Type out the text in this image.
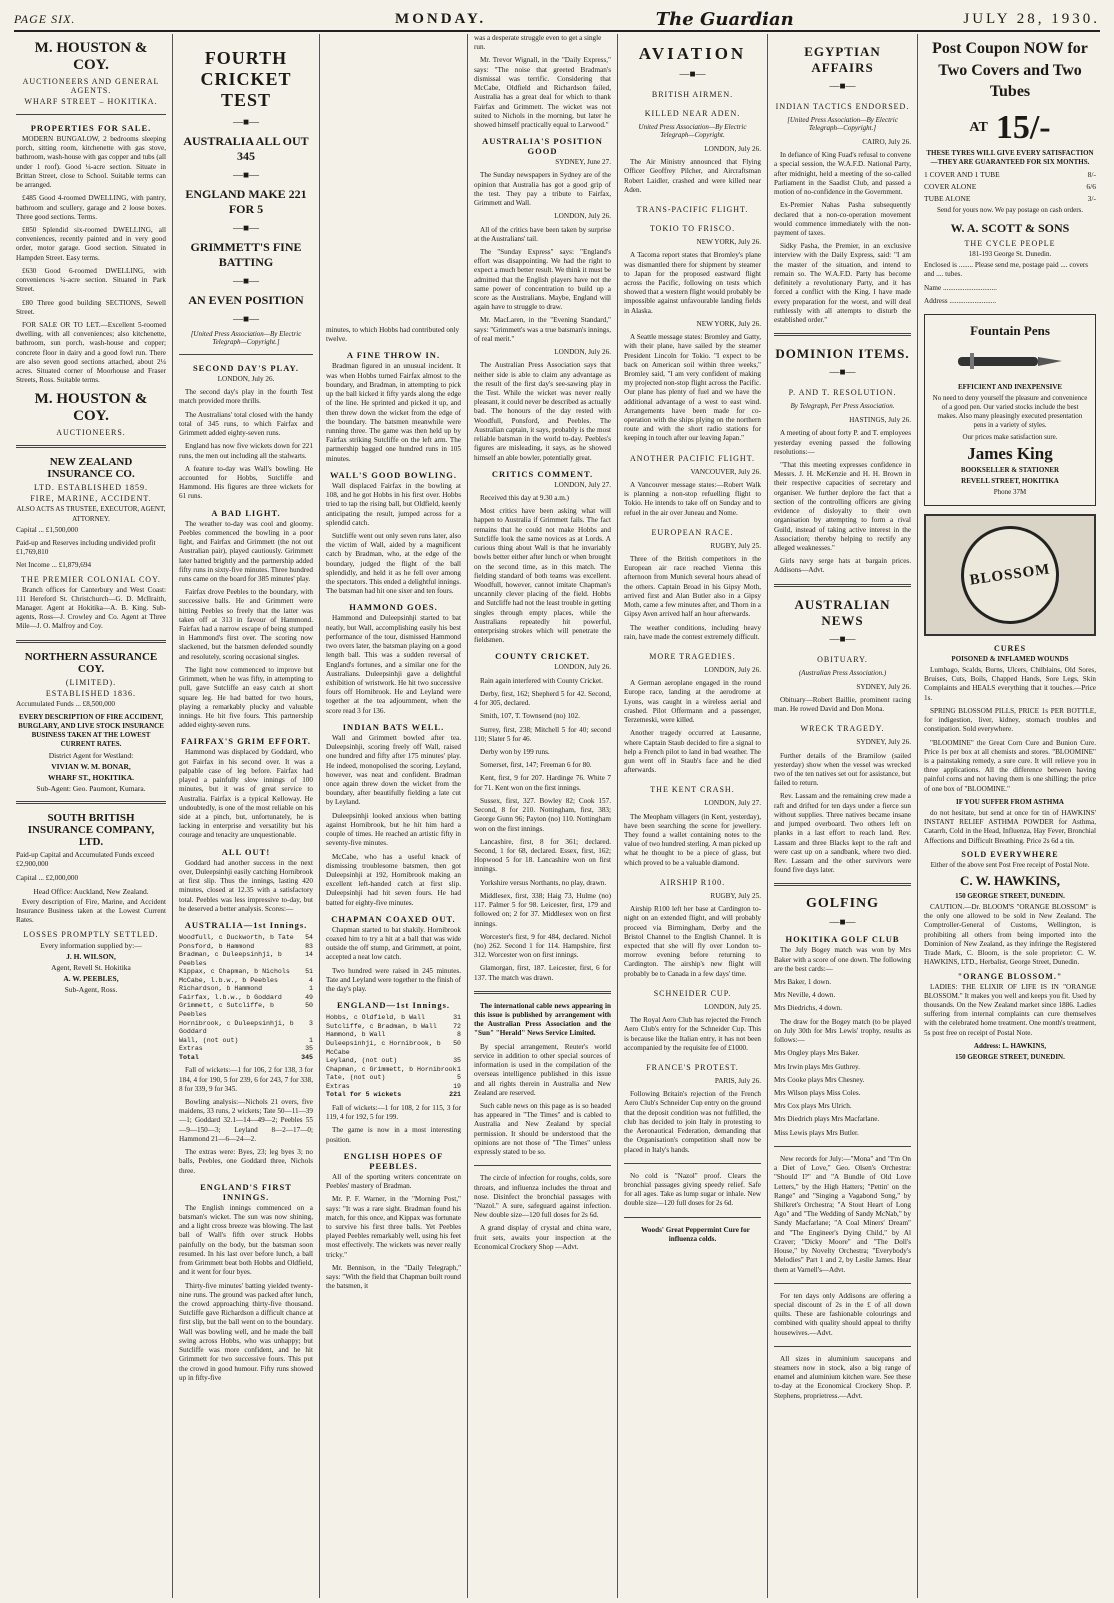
PAGE SIX.	MONDAY.	The Guardian	JULY 28, 1930.
M. HOUSTON & COY.
AUCTIONEERS AND GENERAL AGENTS.
WHARF STREET – HOKITIKA.
PROPERTIES FOR SALE.

MODERN BUNGALOW, 2 bedrooms sleeping porch, sitting room, kitchenette with gas stove, bathroom, wash-house with gas copper and tubs (all under 1 roof). Good ¼-acre section. Situate in Brittan Street, close to School. Suitable terms can be arranged.

£485 Good 4-roomed DWELLING, with pantry, bathroom and scullery, garage and 2 loose boxes. Three good sections. Terms.

£850 Splendid six-roomed DWELLING, all conveniences, recently painted and in very good order, motor garage. Good section. Situated in Hampden Street. Easy terms.

£630 Good 6-roomed DWELLING, with conveniences ¼-acre section. Situated in Park Street.

£80 Three good building SECTIONS, Sewell Street.

FOR SALE OR TO LET.—Excellent 5-roomed dwelling, with all conveniences; also kitchenette, bathroom, sun porch, wash-house and copper; concrete floor in dairy and a good fowl run. There are also seven good sections attached, about 2¼ acres. Situated corner of Moorhouse and Fraser Streets, Ross. Suitable terms.

M. HOUSTON & COY.
AUCTIONEERS.
NEW ZEALAND INSURANCE CO.
LTD. ESTABLISHED 1859.
FIRE, MARINE, ACCIDENT.
ALSO ACTS AS TRUSTEE, EXECUTOR, AGENT, ATTORNEY.

Capital ... £1,500,000

Paid-up and Reserves including undivided profit £1,769,810

Net Income ... £1,879,694

THE PREMIER COLONIAL COY.

Branch offices for Canterbury and West Coast: 111 Hereford St. Christchurch—G. D. McIlraith, Manager. Agent at Hokitika—A. B. King. Sub-agents, Ross—J. Crowley and Co. Agent at Three Mile—J. O. Malfroy and Coy.

NORTHERN ASSURANCE COY.
(LIMITED).
ESTABLISHED 1836.

Accumulated Funds ... £8,500,000

EVERY DESCRIPTION OF FIRE ACCIDENT, BURGLARY, AND LIVE STOCK INSURANCE BUSINESS TAKEN AT THE LOWEST CURRENT RATES.
District Agent for Westland:
VIVIAN W. M. BONAR,
WHARF ST., HOKITIKA.
Sub-Agent: Geo. Paumont, Kumara.
SOUTH BRITISH INSURANCE COMPANY, LTD.

Paid-up Capital and Accumulated Funds exceed £2,900,000

Capital ... £2,000,000

Head Office: Auckland, New Zealand.

Every description of Fire, Marine, and Accident Insurance Business taken at the Lowest Current Rates.

LOSSES PROMPTLY SETTLED.
Every information supplied by:—
J. H. WILSON,
Agent, Revell St. Hokitika
A. W. PEEBLES,
Sub-Agent, Ross.
FOURTH CRICKET TEST
—■—
AUSTRALIA ALL OUT 345
—■—
ENGLAND MAKE 221 FOR 5
—■—
GRIMMETT'S FINE BATTING
—■—
AN EVEN POSITION
—■—
[United Press Association—By Electric Telegraph—Copyright.]
SECOND DAY'S PLAY.

LONDON, July 26.

The second day's play in the fourth Test match provided more thrills.

The Australians' total closed with the handy total of 345 runs, to which Fairfax and Grimmett added eighty-seven runs.

England has now five wickets down for 221 runs, the men out including all the stalwarts.

A feature to-day was Wall's bowling. He accounted for Hobbs, Sutcliffe and Hammond. His figures are three wickets for 61 runs.

A BAD LIGHT.

The weather to-day was cool and gloomy. Peebles commenced the bowling in a poor light, and Fairfax and Grimmett (the not out Australian pair), played cautiously. Grimmett later batted brightly and the partnership added fifty runs in sixty-five minutes. Three hundred runs came on the board for 385 minutes' play.

Fairfax drove Peebles to the boundary, with successive balls. He and Grimmett were hitting Peebles so freely that the latter was taken off at 313 in favour of Hammond. Fairfax had a narrow escape of being stumped in Hammond's first over. The scoring now slackened, but the batsmen defended soundly and resolutely, scoring occasional singles.

The light now commenced to improve but Grimmett, when he was fifty, in attempting to pull, gave Sutcliffe an easy catch at short square leg. He had batted for two hours, playing a remarkably plucky and valuable innings. He hit five fours. This partnership added eighty-seven runs.

FAIRFAX'S GRIM EFFORT.

Hammond was displaced by Goddard, who got Fairfax in his second over. It was a palpable case of leg before. Fairfax had played a painfully slow innings of 100 minutes, but it was of great service to Australia. Fairfax is a typical Kelloway. He undoubtedly, is one of the most reliable on his side at a pinch, but, unfortunately, he is lacking in enterprise and versatility but his courage and tenacity are unquestionable.

ALL OUT!

Goddard had another success in the next over, Duleepsinhji easily catching Hornibrook at first slip. Thus the innings, lasting 420 minutes, closed at 12.35 with a satisfactory total. Peebles was less impressive to-day, but he deserved a better analysis. Scores:—

AUSTRALIA—1st Innings.
Woodfull, c Duckworth, b Tate 54
Ponsford, b Hammond	83
Bradman, c Duleepsinhji, b Peebles
14
Kippax, c Chapman, b Nichols 51
McCabe, l.b.w., b Peebles	4
Richardson, b Hammond	1
Fairfax, l.b.w., b Goddard	49
Grimmett, c Sutcliffe, b Peebles
50
Hornibrook, c Duleepsinhji, b Goddard
3
Wall, (not out)	1
Extras	35
Total	345

Fall of wickets:—1 for 106, 2 for 138, 3 for 184, 4 for 190, 5 for 239, 6 for 243, 7 for 338, 8 for 339, 9 for 345.

Bowling analysis:—Nichols 21 overs, five maidens, 33 runs, 2 wickets; Tate 50—11—39—1; Goddard 32.1—14—49—2; Peebles 55—9—150—3; Leyland 8—2—17—0; Hammond 21—6—24—2.

The extras were: Byes, 23; leg byes 3; no balls, Peebles, one Goddard three, Nichols three.

ENGLAND'S FIRST INNINGS.

The English innings commenced on a batsman's wicket. The sun was now shining, and a light cross breeze was blowing. The last ball of Wall's fifth over struck Hobbs painfully on the body, but the batsman soon resumed. In his last over before lunch, a ball from Grimmett beat both Hobbs and Oldfield, and it went for four byes.

Thirty-five minutes' batting yielded twenty-nine runs. The ground was packed after lunch, the crowd approaching thirty-five thousand. Sutcliffe gave Richardson a difficult chance at first slip, but the ball went on to the boundary. Wall was bowling well, and he made the ball swing across Hobbs, who was unhappy; but Sutcliffe was more confident, and he hit Grimmett for two successive fours. This put the crowd in good humour. Fifty runs showed up in fifty-five

minutes, to which Hobbs had contributed only twelve.

A FINE THROW IN.

Bradman figured in an unusual incident. It was when Hobbs turned Fairfax almost to the boundary, and Bradman, in attempting to pick up the ball kicked it fifty yards along the edge of the line. He sprinted and picked it up, and then threw down the wicket from the edge of the boundary. The batsmen meanwhile were running three. The game was then held up by Fairfax striking Sutcliffe on the left arm. The partnership bagged one hundred runs in 105 minutes.

WALL'S GOOD BOWLING.

Wall displaced Fairfax in the bowling at 108, and he got Hobbs in his first over. Hobbs tried to tap the rising ball, but Oldfield, keenly anticipating the result, jumped across for a splendid catch.

Sutcliffe went out only seven runs later, also the victim of Wall, aided by a magnificent catch by Bradman, who, at the edge of the boundary, judged the flight of the ball splendidly, and held it as he fell over among the spectators. This ended a delightful innings. The batsman had hit one sixer and ten fours.

HAMMOND GOES.

Hammond and Duleepsinhji started to bat neatly, but Wall, accomplishing easily his best performance of the tour, dismissed Hammond two overs later, the batsman playing on a good length ball. This was a sudden reversal of England's fortunes, and a similar one for the Australians. Duleepsinhji gave a delightful exhibition of wristwork. He hit two successive fours off Hornibrook. He and Leyland were together at the tea adjournment, when the score read 3 for 136.

INDIAN BATS WELL.

Wall and Grimmett bowled after tea. Duleepsinhji, scoring freely off Wall, raised one hundred and fifty after 175 minutes' play. He indeed, monopolised the scoring. Leyland, however, was neat and confident. Bradman once again threw down the wicket from the boundary, after beautifully fielding a late cut by Leyland.

Duleepsinhji looked anxious when batting against Hornibrook, but he hit him hard a couple of times. He reached an artistic fifty in seventy-five minutes.

McCabe, who has a useful knack of dismissing troublesome batsmen, then got Duleepsinhji at 192, Hornibrook making an excellent left-handed catch at first slip. Duleepsinhji had hit seven fours. He had batted for eighty-five minutes.

CHAPMAN COAXED OUT.

Chapman started to bat shakily. Hornibrook coaxed him to try a hit at a ball that was wide outside the off stump, and Grimmett, at point, accepted a neat low catch.

Two hundred were raised in 245 minutes. Tate and Leyland were together to the finish of the day's play.

ENGLAND—1st Innings.
Hobbs, c Oldfield, b Wall	31
Sutcliffe, c Bradman, b Wall 72
Hammond, b Wall	8
Duleepsinhji, c Hornibrook, b McCabe
50
Leyland, (not out)	35
Chapman, c Grimmett, b Hornibrook 1
Tate, (not out)	5
Extras	19
Total for 5 wickets	221

Fall of wickets:—1 for 108, 2 for 115, 3 for 119, 4 for 192, 5 for 199.

The game is now in a most interesting position.

ENGLISH HOPES OF PEEBLES.

All of the sporting writers concentrate on Peebles' mastery of Bradman.

Mr. P. F. Warner, in the "Morning Post," says: "It was a rare sight. Bradman found his match, for this once, and Kippax was fortunate to survive his first three balls. Yet Peebles played Peebles remarkably well, using his feet most effectively. The wickets was never really tricky."

Mr. Bennison, in the "Daily Telegraph," says: "With the field that Chapman built round the batsmen, it

was a desperate struggle even to get a single run.

Mr. Trevor Wignall, in the "Daily Express," says: "The noise that greeted Bradman's dismissal was terrific. Considering that McCabe, Oldfield and Richardson failed, Australia has a great deal for which to thank Fairfax and Grimmett. The wicket was not suited to Nichols in the morning, but later he showed himself practically equal to Larwood."

AUSTRALIA'S POSITION GOOD

SYDNEY, June 27.

The Sunday newspapers in Sydney are of the opinion that Australia has got a good grip of the test. They pay a tribute to Fairfax, Grimmett and Wall.

LONDON, July 26.

All of the critics have been taken by surprise at the Australians' tail.

The "Sunday Express" says: "England's effort was disappointing. We had the right to expect a much better result. We think it must be admitted that the English players have not the same power of concentration to build up a score as the Australians. Maybe, England will again have to struggle to draw.

Mr. MacLaren, in the "Evening Standard," says: "Grimmett's was a true batsman's innings, of real merit."

LONDON, July 26.

The Australian Press Association says that neither side is able to claim any advantage as the result of the first day's see-sawing play in the Test. While the wicket was never really pleasant, it could never be described as actually bad. The honours of the day rested with Woodfull, Ponsford, and Peebles. The Australian captain, it says, probably is the most reliable batsman in the world to-day. Peebles's figures are misleading, it says, as he showed himself an able bowler, potentially great.

CRITICS COMMENT.

LONDON, July 27.

Received this day at 9.30 a.m.)

Most critics have been asking what will happen to Australia if Grimmett fails. The fact remains that he could not make Hobbs and Sutcliffe look the same novices as at Lords. A curious thing about Wall is that he invariably bowls better either after lunch or when brought on the second time, as in this match. The fielding standard of both teams was excellent. Woodfull, however, cannot imitate Chapman's uncannily clever placing of the field. Hobbs and Sutcliffe had not the least trouble in getting singles through empty places, while the Australians repeatedly hit powerful, enterprising strokes which will penetrate the fieldsmen.

COUNTY CRICKET.

LONDON, July 26.

Rain again interfered with County Cricket.

Derby, first, 162; Shepherd 5 for 42. Second, 4 for 305, declared.

Smith, 107, T. Townsend (no) 102.

Surrey, first, 238; Mitchell 5 for 40; second 110; Slater 5 for 46.

Derby won by 199 runs.

Somerset, first, 147; Freeman 6 for 80.

Kent, first, 9 for 207. Hardinge 76. White 7 for 71. Kent won on the first innings.

Sussex, first, 327. Bowley 82; Cook 157. Second, 8 for 210. Nottingham, first, 383; George Gunn 96; Payton (no) 110. Nottingham won on the first innings.

Lancashire, first, 8 for 361; declared. Second, 1 for 68, declared. Essex, first, 162; Hopwood 5 for 18. Lancashire won on first innings.

Yorkshire versus Northants, no play, drawn.

Middlesex, first, 338; Haig 73, Hulme (no) 117. Palmer 5 for 98. Leicester, first, 179 and followed on; 2 for 37. Middlesex won on first innings.

Worcester's first, 9 for 484, declared. Nichol (no) 262. Second 1 for 114. Hampshire, first 312. Worcester won on first innings.

Glamorgan, first, 187. Leicester, first, 6 for 137. The match was drawn.

The international cable news appearing in this issue is published by arrangement with the Australian Press Association and the "Sun" "Herald" News Service Limited.

By special arrangement, Reuter's world service in addition to other special sources of information is used in the compilation of the overseas intelligence published in this issue and all rights therein in Australia and New Zealand are reserved.

Such cable news on this page as is so headed has appeared in "The Times" and is cabled to Australia and New Zealand by special permission. It should be understood that the opinions are not those of "The Times" unless expressly stated to be so.

The circle of infection for roughs, colds, sore throats, and influenza includes the throat and nose. Disinfect the bronchial passages with "Nazol." A sure, safeguard against infection. New double size—120 full doses for 2s 6d.

A grand display of crystal and china ware, fruit sets, awaits your inspection at the Economical Crockery Shop —Advt.

AVIATION
—■—
BRITISH AIRMEN.
KILLED NEAR ADEN.
United Press Association—By Electric Telegraph—Copyright.

LONDON, July 26.

The Air Ministry announced that Flying Officer Geoffrey Pilcher, and Aircraftsman Robert Laidler, crashed and were killed near Aden.

TRANS-PACIFIC FLIGHT.
TOKIO TO FRISCO.

NEW YORK, July 26.

A Tacoma report states that Bromley's plane was dismantled there for shipment by steamer to Japan for the proposed eastward flight across the Pacific, following on tests which showed that a western flight would probably be impossible against unfavourable landing fields in Alaska.

NEW YORK, July 26.

A Seattle message states: Bromley and Gatty, with their plane, have sailed by the steamer President Lincoln for Tokio. "I expect to be back on American soil within three weeks," Bromley said, "I am very confident of making my projected non-stop flight across the Pacific. Our plane has plenty of fuel and we have the additional advantage of a west to east wind. Arrangements have been made for co-operation with the ships plying on the northern route and with the short radio stations for keeping in touch after our leaving Japan."

ANOTHER PACIFIC FLIGHT.

VANCOUVER, July 26.

A Vancouver message states:—Robert Walk is planning a non-stop refuelling flight to Tokio. He intends to take off on Sunday and to refuel in the air over Juneau and Nome.

EUROPEAN RACE.

RUGBY, July 25.

Three of the British competitors in the European air race reached Vienna this afternoon from Munich several hours ahead of the others. Captain Broad in his Gipsy Moth, arrived first and Alan Butler also in a Gipsy Moth, came a few minutes after, and Thorn in a Gipsy Aven arrived half an hour afterwards.

The weather conditions, including heavy rain, have made the contest extremely difficult.

MORE TRAGEDIES.

LONDON, July 26.

A German aeroplane engaged in the round Europe race, landing at the aerodrome at Lyons, was caught in a wireless aerial and crashed. Pilot Offermann and a passenger, Terzemeski, were killed.

Another tragedy occurred at Lausanne, where Captain Staub decided to fire a signal to help a French pilot to land in bad weather. The gun went off in Staub's face and he died afterwards.

THE KENT CRASH.

LONDON, July 27.

The Meopham villagers (in Kent, yesterday), have been searching the scene for jewellery. They found a wallet containing notes to the value of two hundred sterling. A man picked up what he thought to be a piece of glass, but which proved to be a valuable diamond.

AIRSHIP R100.

RUGBY, July 25.

Airship R100 left her base at Cardington to-night on an extended flight, and will probably proceed via Birmingham, Derby and the Bristol Channel to the English Channel. It is expected that she will fly over London to-morrow evening before returning to Cardington. The airship's new flight will probably be to Canada in a few days' time.

SCHNEIDER CUP.

LONDON, July 25.

The Royal Aero Club has rejected the French Aero Club's entry for the Schneider Cup. This is because like the Italian entry, it has not been accompanied by the requisite fee of £1000.

FRANCE'S PROTEST.

PARIS, July 26.

Following Britain's rejection of the French Aero Club's Schneider Cup entry on the ground that the deposit condition was not fulfilled, the club has decided to join Italy in protesting to the Aeronautical Federation, demanding that the Organisation's competition shall now be placed in Italy's hands.

No cold is "Nazol" proof. Clears the bronchial passages giving speedy relief. Safe for all ages. Take as lump sugar or inhale. New double size—120 full doses for 2s 6d.

Woods' Great Peppermint Cure for influenza colds.

EGYPTIAN AFFAIRS
—■—
INDIAN TACTICS ENDORSED.
[United Press Association—By Electric Telegraph—Copyright.]

CAIRO, July 26.

In defiance of King Fuad's refusal to convene a special session, the W.A.F.D. National Party, after midnight, held a meeting of the so-called Parliament in the Saadist Club, and passed a motion of no-confidence in the Government.

Ex-Premier Nahas Pasha subsequently declared that a non-co-operation movement would commence immediately with the non-payment of taxes.

Sidky Pasha, the Premier, in an exclusive interview with the Daily Express, said: "I am the master of the situation, and intend to remain so. The W.A.F.D. Party has become definitely a revolutionary Party, and it has forced a conflict with the King. I have made every preparation for the worst, and will deal ruthlessly with all attempts to disturb the established order."

DOMINION ITEMS.
—■—
P. AND T. RESOLUTION.
By Telegraph, Per Press Association.

HASTINGS, July 26.

A meeting of about forty P. and T. employees yesterday evening passed the following resolutions:—

"That this meeting expresses confidence in Messrs. J. H. McKenzie and H. H. Brown in their respective capacities of secretary and organiser. We further deplore the fact that a section of the controlling officers are giving evidence of disloyalty to their own organisation by attempting to form a rival Guild, instead of taking active interest in the Association; thereby helping to rectify any alleged weaknesses."

Girls navy serge hats at bargain prices. Addisons—Advt.

AUSTRALIAN NEWS
—■—
OBITUARY.
(Australian Press Association.)

SYDNEY, July 26.

Obituary—Robert Baillie, prominent racing man. He rowed David and Don Mona.

WRECK TRAGEDY.

SYDNEY, July 26.

Further details of the Bramilow (sailed yesterday) show when the vessel was wrecked two of the ten natives set out for assistance, but failed to return.

Rev. Lassam and the remaining crew made a raft and drifted for ten days under a fierce sun without supplies. Three natives became insane and jumped overboard. Two others left on planks in a last effort to reach land. Rev. Lassam and three Blacks kept to the raft and were cast up on a sandbank, where two died. Rev. Lassam and the other survivors were found five days later.

GOLFING
—■—
HOKITIKA GOLF CLUB

The July Bogey match was won by Mrs Baker with a score of one down. The following are the best cards:—

Mrs Baker, 1 down.

Mrs Neville, 4 down.

Mrs Diedrichs, 4 down.

The draw for the Bogey match (to be played on July 30th for Mrs Lewis' trophy, results as follows:—

Mrs Ongley plays Mrs Baker.

Mrs Irwin plays Mrs Guthrey.

Mrs Cooke plays Mrs Chesney.

Mrs Wilson plays Miss Coles.

Mrs Cox plays Mrs Ulrich.

Mrs Diedrich plays Mrs Macfarlane.

Miss Lewis plays Mrs Butler.

New records for July:—"Mona" and "I'm On a Diet of Love," Geo. Olsen's Orchestra: "Should I?" and "A Bundle of Old Love Letters," by the High Hatters; "Pettin' on the Range" and "Singing a Vagabond Song," by Shilkret's Orchestra; "A Stout Heart of Long Ago" and "The Wedding of Sandy McNab," by Sandy Macfarlane; "A Coal Miners' Dream" and "The Engineer's Dying Child," by Al Craver; "Dicky Moore" and "The Doll's House," by Novelty Orchestra; "Everybody's Melodies" Part 1 and 2, by Leslie James. Hear them at Varnell's—Advt.

For ten days only Addisons are offering a special discount of 2s in the £ of all down quilts. These are fashionable colourings and combined with quality should appeal to thrifty housewives.—Advt.

All sizes in aluminium saucepans and steamers now in stock, also a big range of enamel and aluminium kitchen ware. See these to-day at the Economical Crockery Shop. P. Stephens, proprietress.—Advt.

Post Coupon NOW for Two Covers and Two Tubes
AT 15/-
THESE TYRES WILL GIVE EVERY SATISFACTION—THEY ARE GUARANTEED FOR SIX MONTHS.
1 COVER AND 1 TUBE	8/-
COVER ALONE	6/6
TUBE ALONE	3/-
Send for yours now. We pay postage on cash orders.
W. A. SCOTT & SONS
THE CYCLE PEOPLE
181-193 George St. Dunedin.

Enclosed is ........ Please send me, postage paid .... covers and .... tubes.

Name ..............................

Address ..........................

Fountain Pens
EFFICIENT AND INEXPENSIVE
No need to deny yourself the pleasure and convenience of a good pen. Our varied stocks include the best makes. Also many pleasingly executed presentation pens in a variety of styles.
Our prices make satisfaction sure.
James King
BOOKSELLER & STATIONER
REVELL STREET, HOKITIKA
Phone 37M
BLOSSOM
CURES
POISONED & INFLAMED WOUNDS

Lumbago, Scalds, Burns, Ulcers, Chilblains, Old Sores, Bruises, Cuts, Boils, Chapped Hands, Sore Legs, Skin Complaints and HEALS everything that it touches.—Price 1s.

SPRING BLOSSOM PILLS, PRICE 1s PER BOTTLE, for indigestion, liver, kidney, stomach troubles and constipation. Sold everywhere.

"BLOOMINE" the Great Corn Cure and Bunion Cure. Price 1s per box at all chemists and stores. "BLOOMINE" is a painstaking remedy, a sure cure. It will relieve you in three applications. All the difference between having painful corns and not having them is one shilling; the price of one box of "BLOOMINE."

IF YOU SUFFER FROM ASTHMA

do not hesitate, but send at once for tin of HAWKINS' INSTANT RELIEF ASTHMA POWDER for Asthma, Catarrh, Cold in the Head, Influenza, Hay Fever, Bronchial Affections and Difficult Breathing. Price 2s 6d a tin.

SOLD EVERYWHERE
Either of the above sent Post Free receipt of Postal Note.
C. W. HAWKINS,
150 GEORGE STREET, DUNEDIN.

CAUTION.—Dr. BLOOM'S "ORANGE BLOSSOM" is the only one allowed to be sold in New Zealand. The Comptroller-General of Customs, Wellington, is prohibiting all others from being imported into the Dominion of New Zealand, as they infringe the Registered Trade Mark, C. Bloom, is the sole proprietor: C. W. HAWKINS, LTD., Herbalist, George Street, Dunedin.

"ORANGE BLOSSOM."

LADIES: THE ELIXIR OF LIFE IS IN "ORANGE BLOSSOM." It makes you well and keeps you fit. Used by thousands. On the New Zealand market since 1886. Ladies suffering from internal complaints can cure themselves with the celebrated home treatment. One month's treatment, 5s post free on receipt of Postal Note.

Address: L. HAWKINS,
150 GEORGE STREET, DUNEDIN.
